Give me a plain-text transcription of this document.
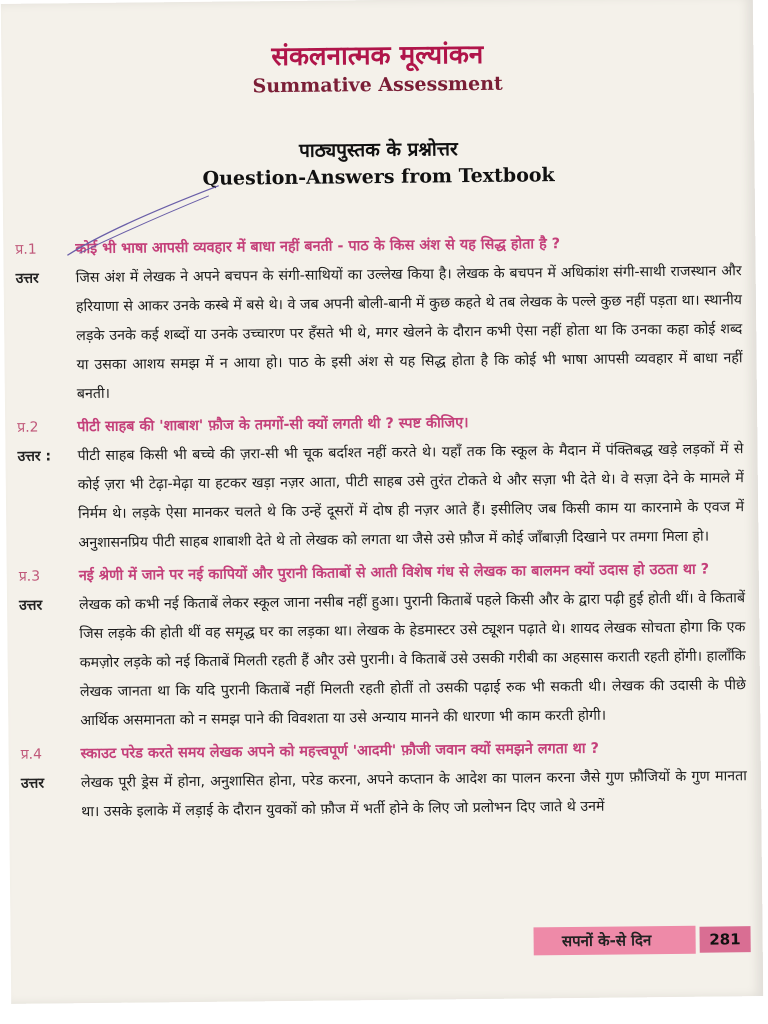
संकलनात्मक मूल्यांकन
Summative Assessment
पाठ्यपुस्तक के प्रश्नोत्तर
Question-Answers from Textbook
प्र.1	कोई भी भाषा आपसी व्यवहार में बाधा नहीं बनती - पाठ के किस अंश से यह सिद्ध होता है ?
उत्तर	जिस अंश में लेखक ने अपने बचपन के संगी-साथियों का उल्लेख किया है। लेखक के बचपन में अधिकांश संगी-साथी राजस्थान और हरियाणा से आकर उनके कस्बे में बसे थे। वे जब अपनी बोली-बानी में कुछ कहते थे तब लेखक के पल्ले कुछ नहीं पड़ता था। स्थानीय लड़के उनके कई शब्दों या उनके उच्चारण पर हँसते भी थे, मगर खेलने के दौरान कभी ऐसा नहीं होता था कि उनका कहा कोई शब्द या उसका आशय समझ में न आया हो। पाठ के इसी अंश से यह सिद्ध होता है कि कोई भी भाषा आपसी व्यवहार में बाधा नहीं बनती।
प्र.2	पीटी साहब की 'शाबाश' फ़ौज के तमगों-सी क्यों लगती थी ? स्पष्ट कीजिए।
उत्तर :	पीटी साहब किसी भी बच्चे की ज़रा-सी भी चूक बर्दाश्त नहीं करते थे। यहाँ तक कि स्कूल के मैदान में पंक्तिबद्ध खड़े लड़कों में से कोई ज़रा भी टेढ़ा-मेढ़ा या हटकर खड़ा नज़र आता, पीटी साहब उसे तुरंत टोकते थे और सज़ा भी देते थे। वे सज़ा देने के मामले में निर्मम थे। लड़के ऐसा मानकर चलते थे कि उन्हें दूसरों में दोष ही नज़र आते हैं। इसीलिए जब किसी काम या कारनामे के एवज में अनुशासनप्रिय पीटी साहब शाबाशी देते थे तो लेखक को लगता था जैसे उसे फ़ौज में कोई जाँबाज़ी दिखाने पर तमगा मिला हो।
प्र.3	नई श्रेणी में जाने पर नई कापियों और पुरानी किताबों से आती विशेष गंध से लेखक का बालमन क्यों उदास हो उठता था ?
उत्तर	लेखक को कभी नई किताबें लेकर स्कूल जाना नसीब नहीं हुआ। पुरानी किताबें पहले किसी और के द्वारा पढ़ी हुई होती थीं। वे किताबें जिस लड़के की होती थीं वह समृद्ध घर का लड़का था। लेखक के हेडमास्टर उसे ट्यूशन पढ़ाते थे। शायद लेखक सोचता होगा कि एक कमज़ोर लड़के को नई किताबें मिलती रहती हैं और उसे पुरानी। वे किताबें उसे उसकी गरीबी का अहसास कराती रहती होंगी। हालाँकि लेखक जानता था कि यदि पुरानी किताबें नहीं मिलती रहती होतीं तो उसकी पढ़ाई रुक भी सकती थी। लेखक की उदासी के पीछे आर्थिक असमानता को न समझ पाने की विवशता या उसे अन्याय मानने की धारणा भी काम करती होगी।
प्र.4	स्काउट परेड करते समय लेखक अपने को महत्त्वपूर्ण 'आदमी' फ़ौजी जवान क्यों समझने लगता था ?
उत्तर	लेखक पूरी ड्रेस में होना, अनुशासित होना, परेड करना, अपने कप्तान के आदेश का पालन करना जैसे गुण फ़ौजियों के गुण मानता था। उसके इलाके में लड़ाई के दौरान युवकों को फ़ौज में भर्ती होने के लिए जो प्रलोभन दिए जाते थे उनमें
सपनों के-से दिन	281
